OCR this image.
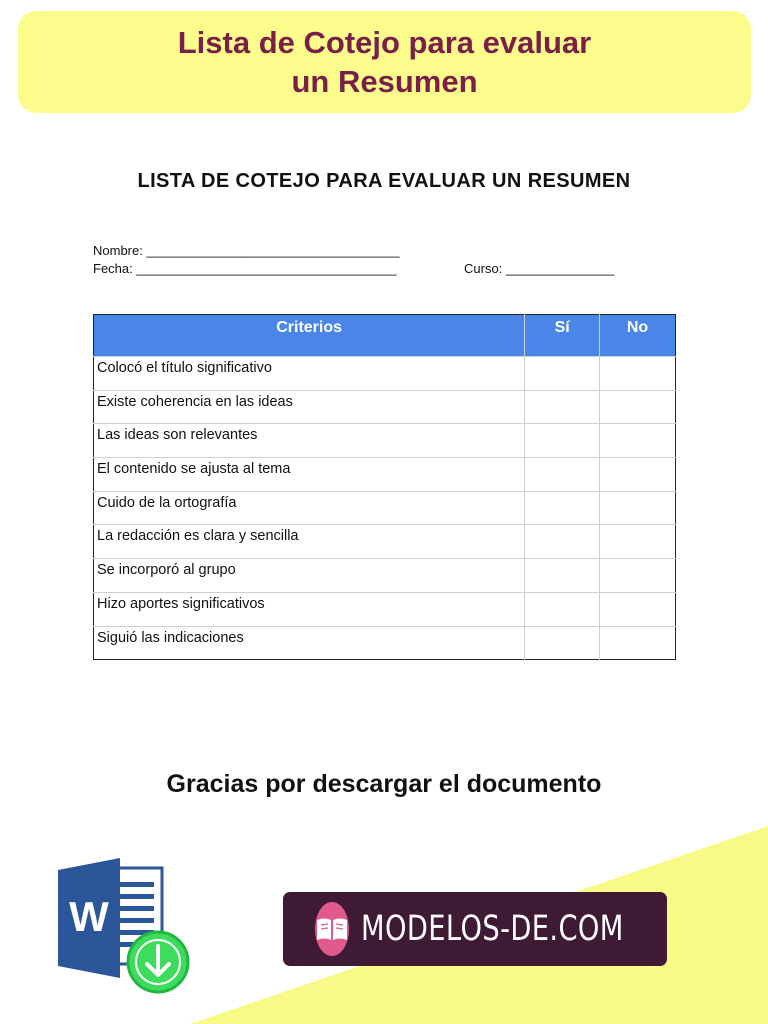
Lista de Cotejo para evaluar
un Resumen
LISTA DE COTEJO PARA EVALUAR UN RESUMEN
Nombre: ___________________________________
Fecha: ____________________________________	Curso: _______________
Criterios	Sí	No
Colocó el título significativo		
Existe coherencia en las ideas		
Las ideas son relevantes		
El contenido se ajusta al tema		
Cuido de la ortografía		
La redacción es clara y sencilla		
Se incorporó al grupo		
Hizo aportes significativos		
Siguió las indicaciones		
Gracias por descargar el documento
W	MODELOS-DE.COM
